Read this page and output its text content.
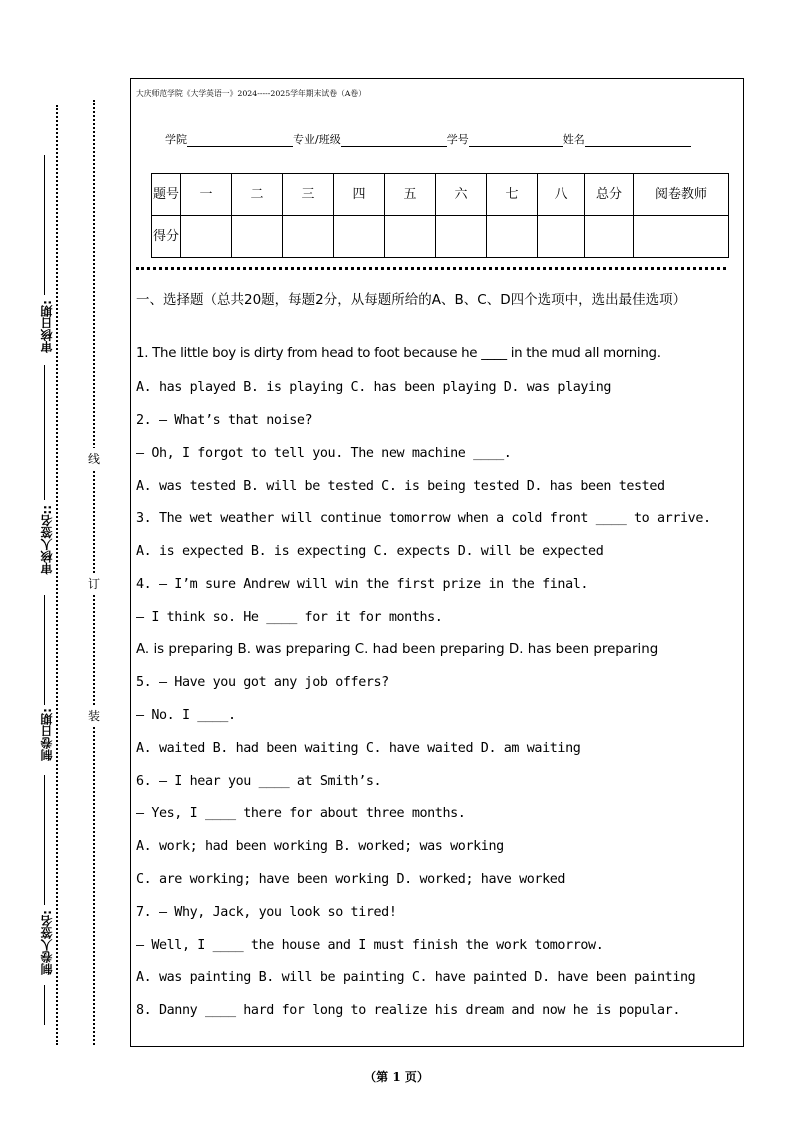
审核日期:
审核人签名::
制卷日期:
制卷人签名:
线
订
装
大庆师范学院《大学英语一》2024-----2025学年期末试卷（A卷）
学院	专业/班级	学号	姓名
题号	一	二	三	四	五	六	七	八	总分	阅卷教师
得分										
一、选择题（总共20题，每题2分，从每题所给的A、B、C、D四个选项中，选出最佳选项）
1. The little boy is dirty from head to foot because he ____ in the mud all morning.
A. has played B. is playing C. has been playing D. was playing
2. — What’s that noise?
— Oh, I forgot to tell you. The new machine ____.
A. was tested B. will be tested C. is being tested D. has been tested
3. The wet weather will continue tomorrow when a cold front ____ to arrive.
A. is expected B. is expecting C. expects D. will be expected
4. — I’m sure Andrew will win the first prize in the final.
— I think so. He ____ for it for months.
A. is preparing B. was preparing C. had been preparing D. has been preparing
5. — Have you got any job offers?
— No. I ____.
A. waited B. had been waiting C. have waited D. am waiting
6. — I hear you ____ at Smith’s.
— Yes, I ____ there for about three months.
A. work; had been working B. worked; was working
C. are working; have been working D. worked; have worked
7. — Why, Jack, you look so tired!
— Well, I ____ the house and I must finish the work tomorrow.
A. was painting B. will be painting C. have painted D. have been painting
8. Danny ____ hard for long to realize his dream and now he is popular.
（第 1 页）
